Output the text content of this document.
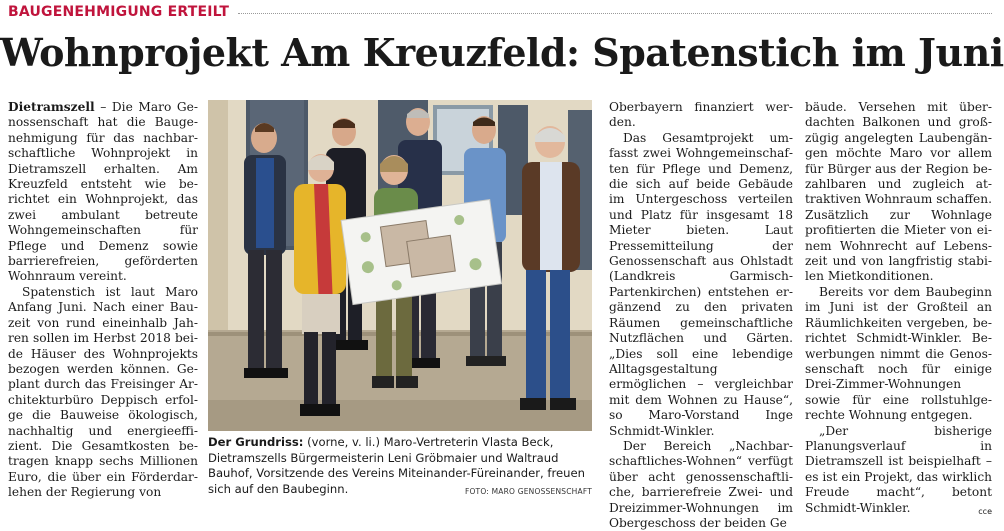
BAUGENEHMIGUNG ERTEILT
Wohnprojekt Am Kreuzfeld: Spatenstich im Juni

Dietramszell – Die Maro Genossenschaft hat die Baugenehmigung für das nachbarschaftliche Wohnprojekt in Dietramszell erhalten. Am Kreuzfeld entsteht wie berichtet ein Wohnprojekt, das zwei ambulant betreute Wohngemeinschaften für Pflege und Demenz sowie barrierefreien, geförderten Wohnraum vereint.

Spatenstich ist laut Maro Anfang Juni. Nach einer Bauzeit von rund eineinhalb Jahren sollen im Herbst 2018 beide Häuser des Wohnprojekts bezogen werden können. Geplant durch das Freisinger Architekturbüro Deppisch erfolge die Bauweise ökologisch, nachhaltig und energieeffizient. Die Gesamtkosten betragen knapp sechs Millionen Euro, die über ein Förderdarlehen der Regierung von

Der Grundriss: (vorne, v. li.) Maro-Vertreterin Vlasta Beck, Dietramszells Bürgermeisterin Leni Gröbmaier und Waltraud Bauhof, Vorsitzende des Vereins Miteinander-Füreinander, freuen sich auf den Baubeginn.	FOTO: MARO GENOSSENSCHAFT

Oberbayern finanziert werden.

Das Gesamtprojekt umfasst zwei Wohngemeinschaften für Pflege und Demenz, die sich auf beide Gebäude im Untergeschoss verteilen und Platz für insgesamt 18 Mieter bieten. Laut Pressemitteilung der Genossenschaft aus Ohlstadt (Landkreis Garmisch-Partenkirchen) entstehen ergänzend zu den privaten Räumen gemeinschaftliche Nutzflächen und Gärten. „Dies soll eine lebendige Alltagsgestaltung ermöglichen – vergleichbar mit dem Wohnen zu Hause“, so Maro-Vorstand Inge Schmidt-Winkler.

Der Bereich „Nachbarschaftliches-Wohnen“ verfügt über acht genossenschaftliche, barrierefreie Zwei- und Dreizimmer-Wohnungen im Obergeschoss der beiden Ge

bäude. Versehen mit überdachten Balkonen und großzügig angelegten Laubengängen möchte Maro vor allem für Bürger aus der Region bezahlbaren und zugleich attraktiven Wohnraum schaffen. Zusätzlich zur Wohnlage profitierten die Mieter von einem Wohnrecht auf Lebenszeit und von langfristig stabilen Mietkonditionen.

Bereits vor dem Baubeginn im Juni ist der Großteil an Räumlichkeiten vergeben, berichtet Schmidt-Winkler. Bewerbungen nimmt die Genossenschaft noch für einige Drei-Zimmer-Wohnungen sowie für eine rollstuhlgerechte Wohnung entgegen.

„Der bisherige Planungsverlauf in Dietramszell ist beispielhaft – es ist ein Projekt, das wirklich Freude macht“, betont Schmidt-Winkler.	cce
